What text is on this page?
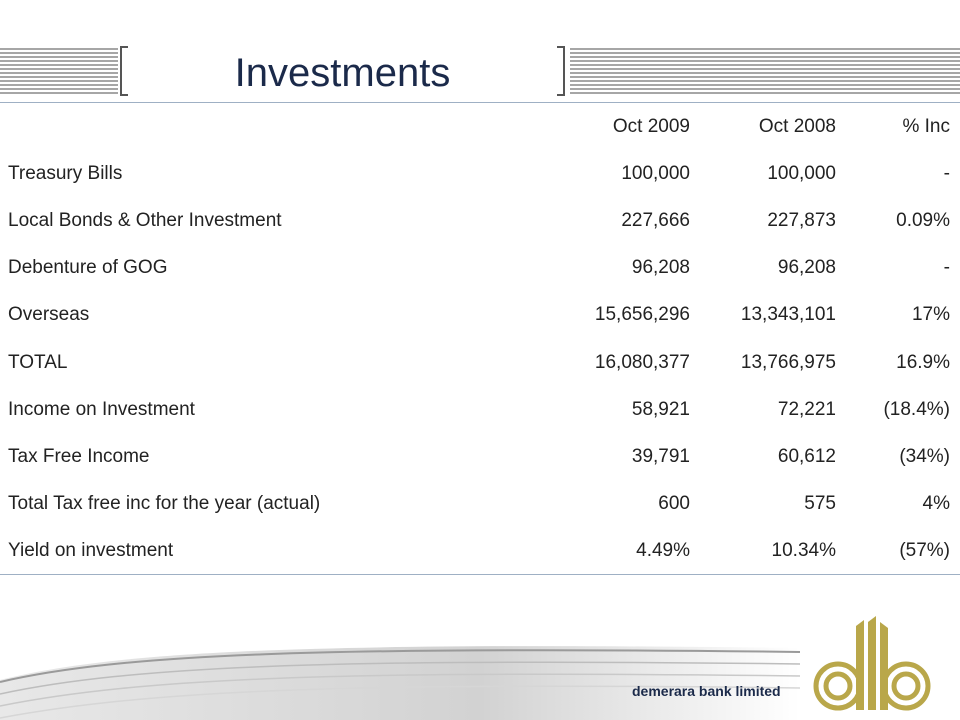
Investments
	Oct 2009	Oct 2008	% Inc
Treasury Bills	100,000	100,000	-
Local Bonds & Other Investment	227,666	227,873	0.09%
Debenture of GOG	96,208	96,208	-
Overseas	15,656,296	13,343,101	17%
TOTAL	16,080,377	13,766,975	16.9%
Income on Investment	58,921	72,221	(18.4%)
Tax Free Income	39,791	60,612	(34%)
Total Tax free inc for the year (actual)	600	575	4%
Yield on investment	4.49%	10.34%	(57%)
demerara bank limited
